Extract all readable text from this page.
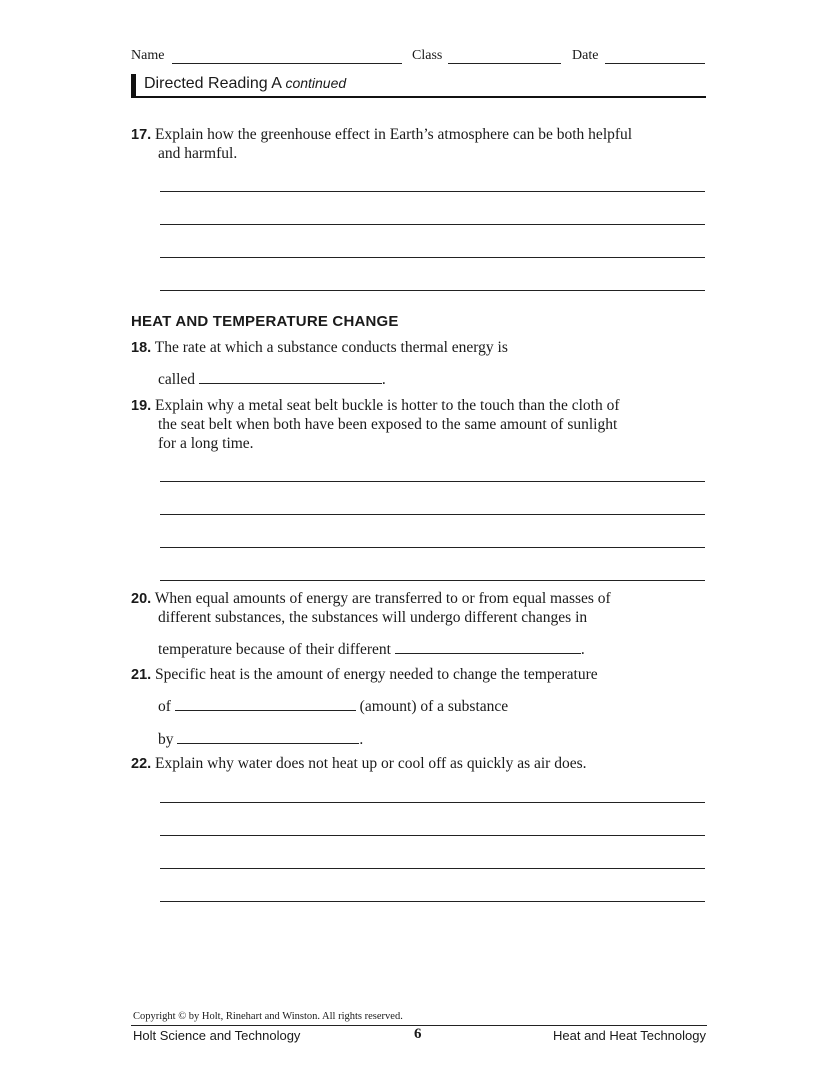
Name	Class	Date
Directed Reading A continued
17. Explain how the greenhouse effect in Earth’s atmosphere can be both helpful
and harmful.
HEAT AND TEMPERATURE CHANGE
18. The rate at which a substance conducts thermal energy is
called	.
19. Explain why a metal seat belt buckle is hotter to the touch than the cloth of
the seat belt when both have been exposed to the same amount of sunlight
for a long time.
20. When equal amounts of energy are transferred to or from equal masses of
different substances, the substances will undergo different changes in
temperature because of their different	.
21. Specific heat is the amount of energy needed to change the temperature
of	(amount) of a substance
by	.
22. Explain why water does not heat up or cool off as quickly as air does.
Copyright © by Holt, Rinehart and Winston. All rights reserved.
Holt Science and Technology	6	Heat and Heat Technology
